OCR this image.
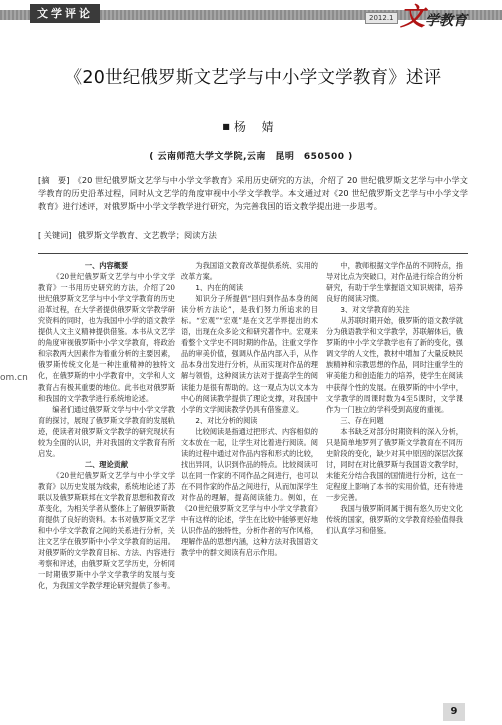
文学评论	2012.1 文学教育
om.cn
《20世纪俄罗斯文艺学与中小学文学教育》述评
■ 杨 婧
( 云南师范大学文学院,云南　昆明　650500 )
[摘　要] 《20 世纪俄罗斯文艺学与中小学文学教育》采用历史研究的方法，介绍了 20 世纪俄罗斯文艺学与中小学文学教育的历史沿革过程，同时从文艺学的角度审视中小学文学教学。本文通过对《20 世纪俄罗斯文艺学与中小学文学教育》进行述评，对俄罗斯中小学文学教学进行研究，为完善我国的语文教学提出进一步思考。
[ 关键词] 俄罗斯文学教育、文艺教学；阅读方法

一、内容概要

《20世纪俄罗斯文艺学与中小学文学教育》一书用历史研究的方法，介绍了20世纪俄罗斯文艺学与中小学文学教育的历史沿革过程，在大学者提供俄罗斯文学教学研究资料的同时，也为我国中小学的语文教学提供人文主义精神提供借鉴。本书从文艺学的角度审视俄罗斯中小学文学教育，将政治和宗教两大因素作为着重分析的主要因素，俄罗斯传统文化是一种注重精神的独特文化，在俄罗斯的中小学教育中，文学和人文教育占有极其重要的地位。此书也对俄罗斯和我国的文学教学进行系统地论述。

编者们通过俄罗斯文学与中小学文学教育的探讨，展现了俄罗斯文学教育的发展轨迹，使读者对俄罗斯文学教学的研究现状有较为全面的认识，并对我国的文学教育有所启发。

二、理论贡献

《20世纪俄罗斯文艺学与中小学文学教育》以历史发展为线索，系统地论述了苏联以及俄罗斯联邦在文学教育思想和教育改革变化，为相关学者从整体上了解俄罗斯教育提供了良好的资料。本书对俄罗斯文艺学和中小学文学教育之间的关系进行分析，关注文艺学在俄罗斯中小学文学教育的运用。对俄罗斯的文学教育目标、方法、内容进行考察和评述，由俄罗斯文艺学历史，分析同一时期俄罗斯中小学文学教学的发展与变化，为我国文学教学理论研究提供了参考。

为我国语文教育改革提供系统、实用的改革方案。

1、内在的阅读

知识分子所提倡“回归到作品本身的阅读分析方法论”，是我们努力所追求的目标。“宏观”“宏观”是在文艺学界提出的术语，出现在众多论文和研究著作中。宏观来看整个文学史不同时期的作品，注重文学作品的审美价值，强调从作品内部入手，从作品本身出发进行分析，从而实现对作品的理解与领悟，这种阅读方法对于提高学生的阅读能力是很有帮助的。这一观点为以文本为中心的阅读教学提供了理论支撑，对我国中小学的文学阅读教学仍具有借鉴意义。

2、对比分析的阅读

比较阅读是指通过把形式、内容相似的文本放在一起，让学生对比着进行阅读。阅读的过程中通过对作品内容和形式的比较，找出异同，认识到作品的特点。比较阅读可以在同一作家的不同作品之间进行，也可以在不同作家的作品之间进行，从而加深学生对作品的理解，提高阅读能力。例如，在《20世纪俄罗斯文艺学与中小学文学教育》中有这样的论述，学生在比较中能够更好地认识作品的独特性，分析作者的写作风格，理解作品的思想内涵，这种方法对我国语文教学中的群文阅读有启示作用。

中，教师根据文学作品的不同特点，指导对比点为突破口，对作品进行综合的分析研究，有助于学生掌握语文知识规律，培养良好的阅读习惯。

3、对文学教育的关注

从苏联时期开始，俄罗斯的语文教学就分为俄语教学和文学教学，苏联解体后，俄罗斯的中小学文学教学也有了新的变化，强调文学的人文性，教材中增加了大量反映民族精神和宗教思想的作品，同时注重学生的审美能力和创造能力的培养，使学生在阅读中获得个性的发展。在俄罗斯的中小学中，文学教学的周课时数为4至5课时，文学课作为一门独立的学科受到高度的重视。

三、存在问题

本书缺乏对部分时期资料的深入分析，只是简单地罗列了俄罗斯文学教育在不同历史阶段的变化，缺少对其中原因的深层次探讨，同时在对比俄罗斯与我国语文教学时，未能充分结合我国的国情进行分析，这在一定程度上影响了本书的实用价值，还有待进一步完善。

我国与俄罗斯同属于拥有悠久历史文化传统的国家，俄罗斯的文学教育经验值得我们认真学习和借鉴。

9
